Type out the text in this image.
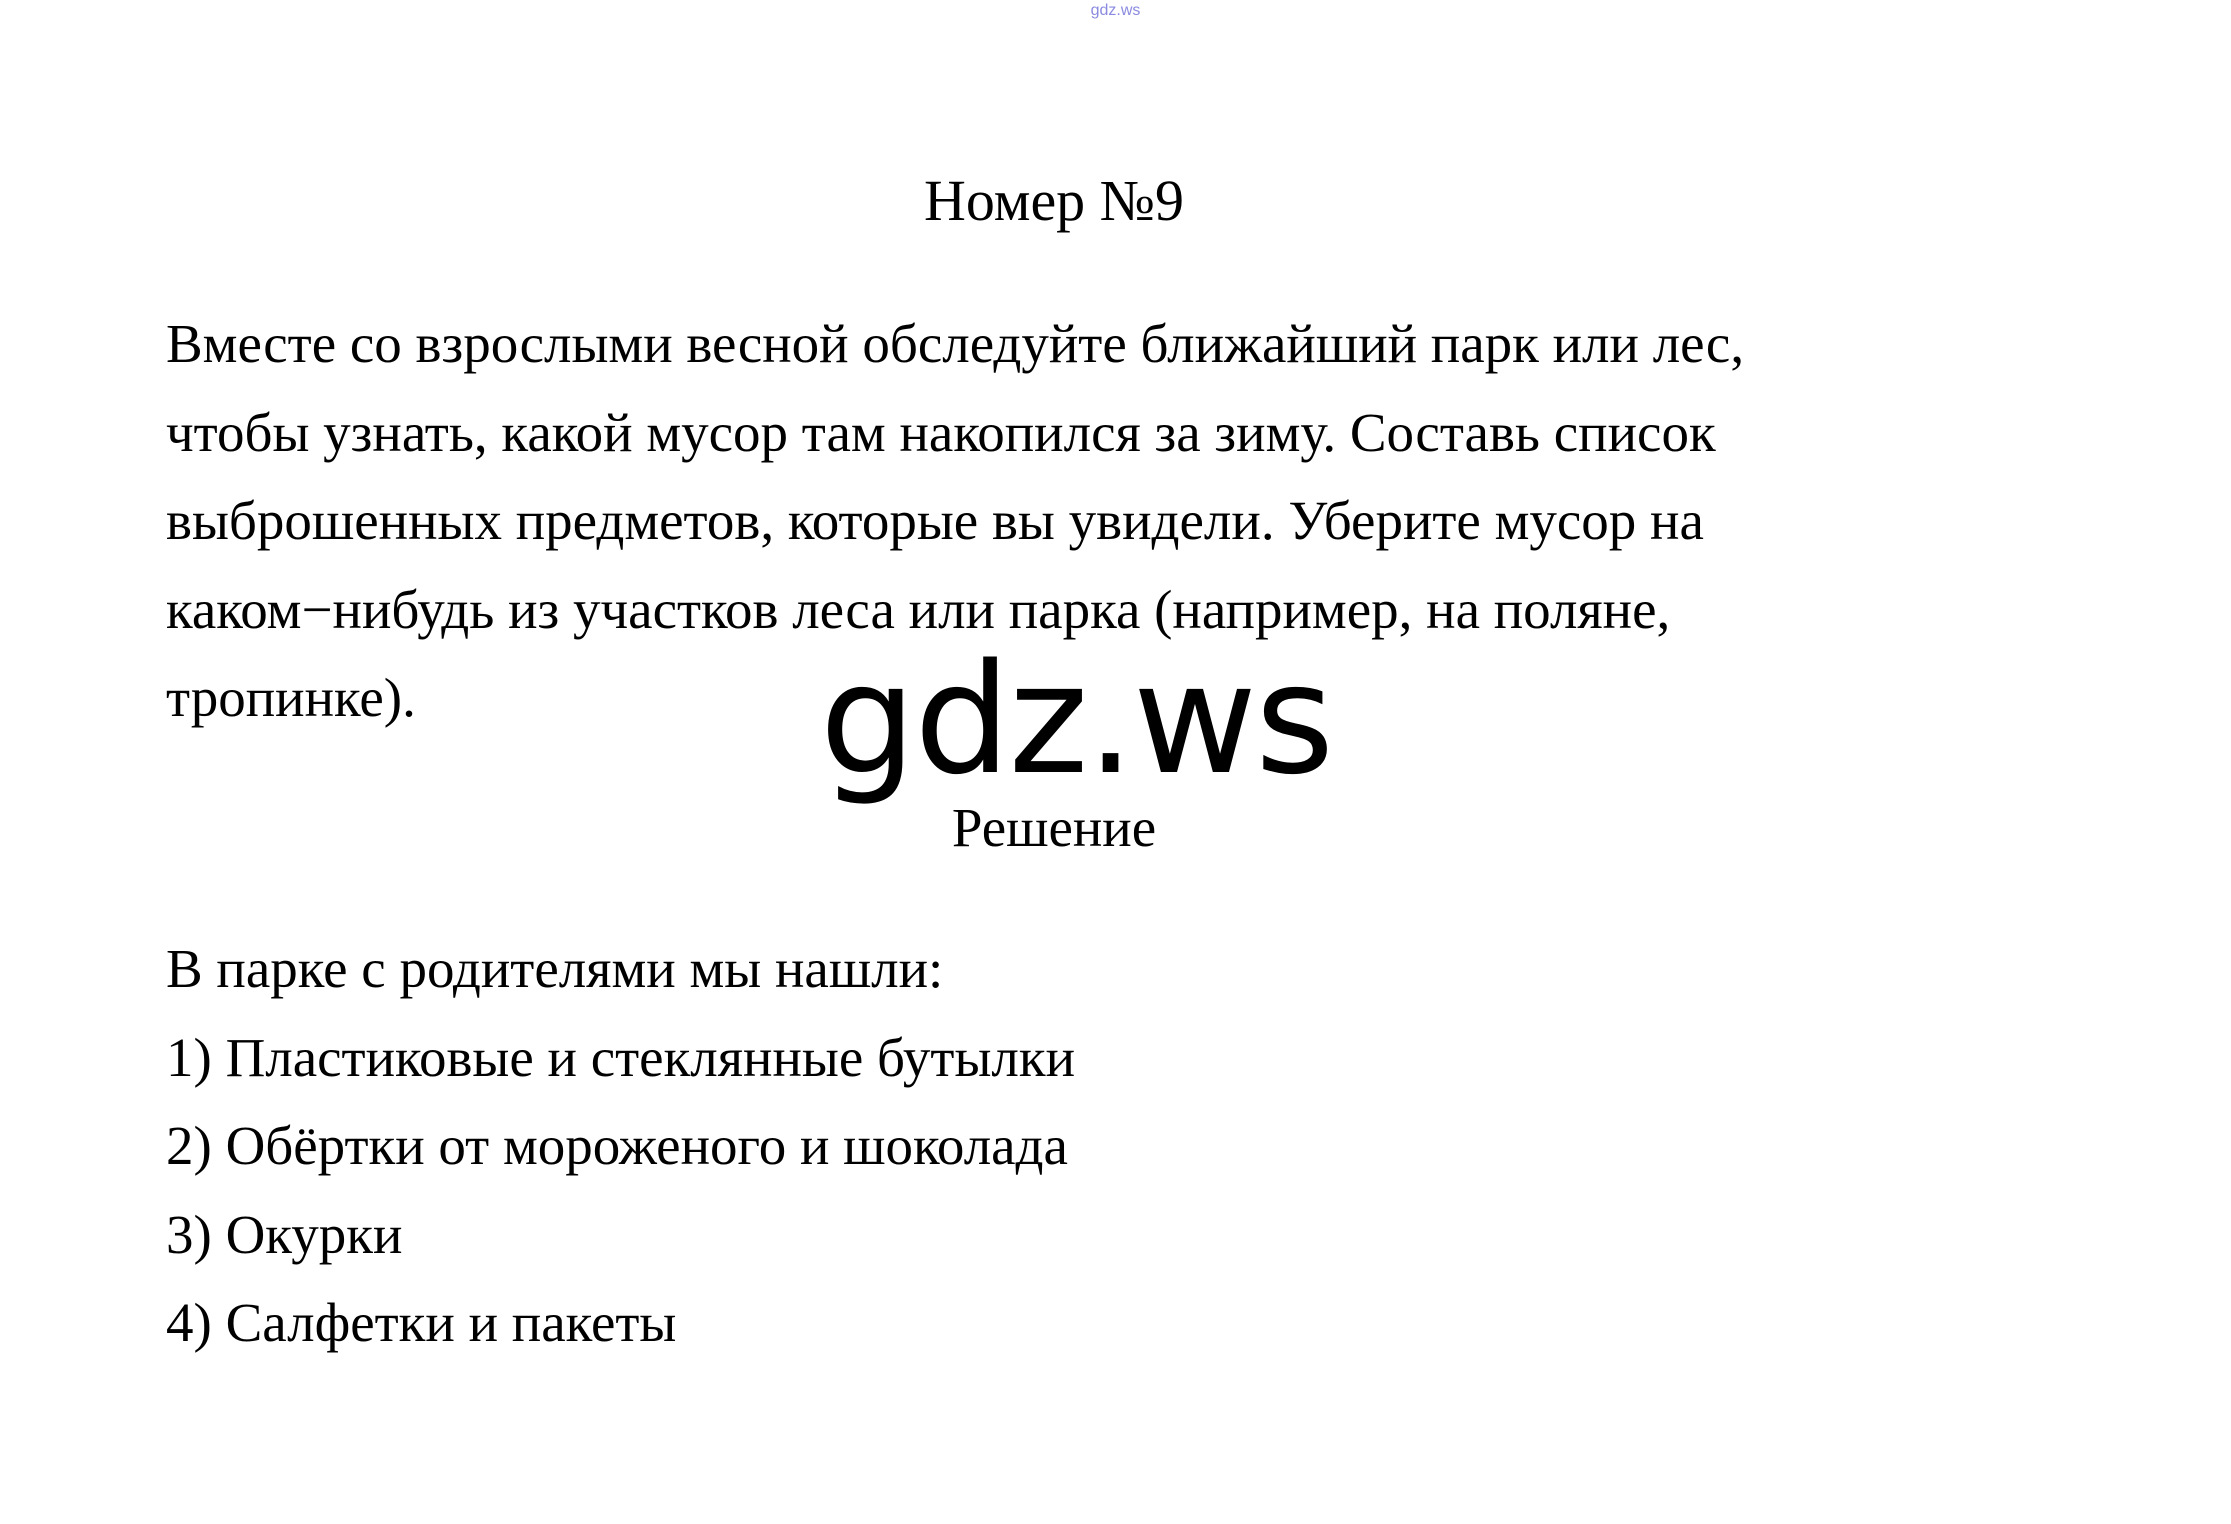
gdz.ws
Номер №9
Вместе со взрослыми весной обследуйте ближайший парк или лес,
чтобы узнать, какой мусор там накопился за зиму. Составь список
выброшенных предметов, которые вы увидели. Уберите мусор на
каком−нибудь из участков леса или парка (например, на поляне,
тропинке).	gdz.ws
Решение
В парке с родителями мы нашли:
1) Пластиковые и стеклянные бутылки
2) Обёртки от мороженого и шоколада
3) Окурки
4) Салфетки и пакеты
